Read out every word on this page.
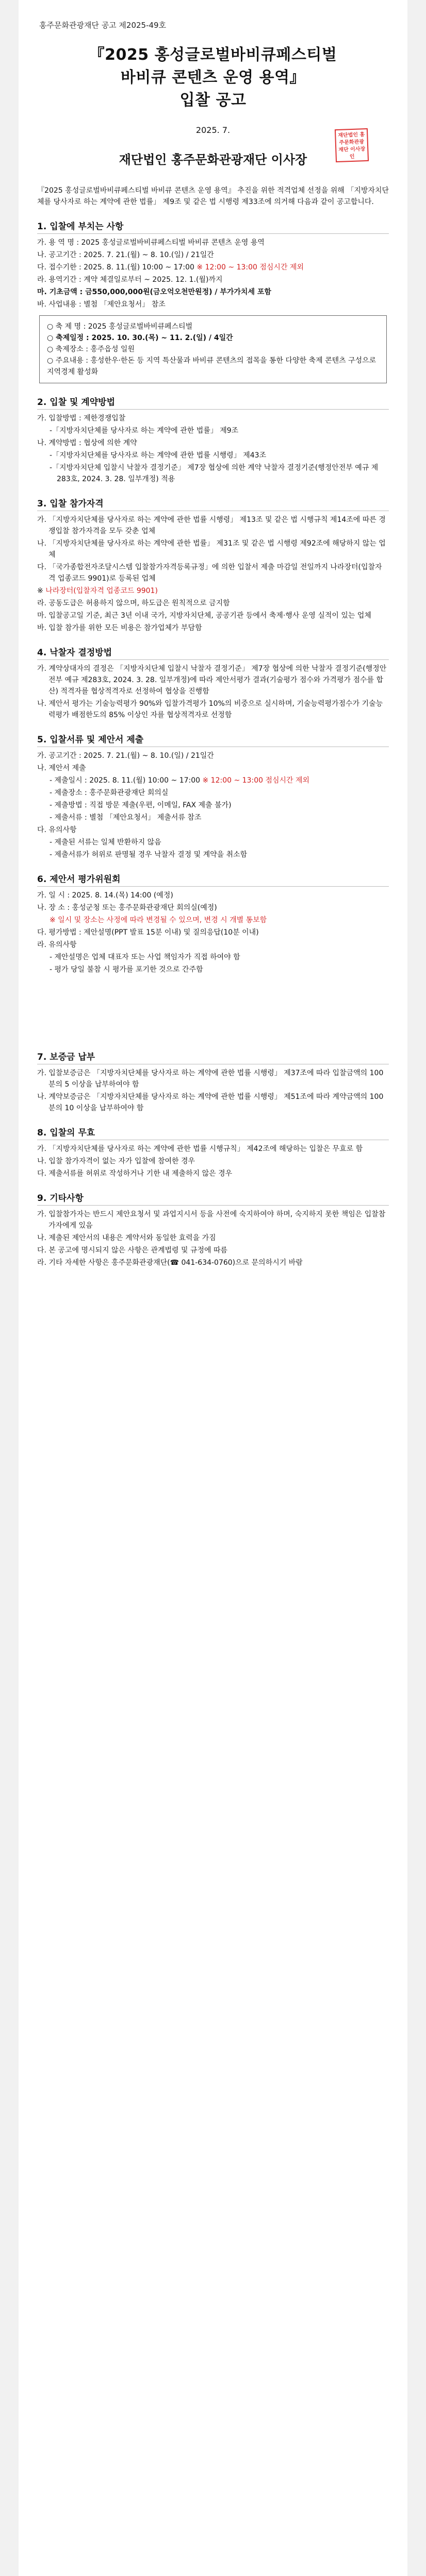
홍주문화관광재단 공고 제2025-49호
『2025 홍성글로벌바비큐페스티벌
바비큐 콘텐츠 운영 용역』
입찰 공고
2025. 7.
재단법인 홍주문화관광재단 이사장
재단법인 홍주문화관광재단 이사장인
『2025 홍성글로벌바비큐페스티벌 바비큐 콘텐츠 운영 용역』 추진을 위한 적격업체 선정을 위해 「지방자치단체를 당사자로 하는 계약에 관한 법률」 제9조 및 같은 법 시행령 제33조에 의거해 다음과 같이 공고합니다.
1. 입찰에 부치는 사항
가. 용 역 명 : 2025 홍성글로벌바비큐페스티벌 바비큐 콘텐츠 운영 용역
나. 공고기간 : 2025. 7. 21.(월) ~ 8. 10.(일) / 21일간
다. 접수기한 : 2025. 8. 11.(월) 10:00 ~ 17:00 ※ 12:00 ~ 13:00 점심시간 제외
라. 용역기간 : 계약 체결일로부터 ~ 2025. 12. 1.(월)까지
마. 기초금액 : 금550,000,000원(금오억오천만원정) / 부가가치세 포함
바. 사업내용 : 별첨 「제안요청서」 참조
○ 축 제 명 : 2025 홍성글로벌바비큐페스티벌
○ 축제일정 : 2025. 10. 30.(목) ~ 11. 2.(일) / 4일간
○ 축제장소 : 홍주읍성 일원
○ 주요내용 : 홍성한우·한돈 등 지역 특산물과 바비큐 콘텐츠의 접목을 통한 다양한 축제 콘텐츠 구성으로 지역경제 활성화
2. 입찰 및 계약방법
가. 입찰방법 : 제한경쟁입찰
-「지방자치단체를 당사자로 하는 계약에 관한 법률」 제9조
나. 계약방법 : 협상에 의한 계약
-「지방자치단체를 당사자로 하는 계약에 관한 법률 시행령」 제43조
-「지방자치단체 입찰시 낙찰자 결정기준」 제7장 협상에 의한 계약 낙찰자 결정기준(행정안전부 예규 제283호, 2024. 3. 28. 일부개정) 적용
3. 입찰 참가자격
가. 「지방자치단체를 당사자로 하는 계약에 관한 법률 시행령」 제13조 및 같은 법 시행규칙 제14조에 따른 경쟁입찰 참가자격을 모두 갖춘 업체
나. 「지방자치단체를 당사자로 하는 계약에 관한 법률」 제31조 및 같은 법 시행령 제92조에 해당하지 않는 업체
다. 「국가종합전자조달시스템 입찰참가자격등록규정」에 의한 입찰서 제출 마감일 전일까지 나라장터(입찰자격 업종코드 9901)로 등록된 업체
※ 나라장터(입찰자격 업종코드 9901)
라. 공동도급은 허용하지 않으며, 하도급은 원칙적으로 금지함
마. 입찰공고일 기준, 최근 3년 이내 국가, 지방자치단체, 공공기관 등에서 축제·행사 운영 실적이 있는 업체
바. 입찰 참가를 위한 모든 비용은 참가업체가 부담함
4. 낙찰자 결정방법
가. 계약상대자의 결정은 「지방자치단체 입찰시 낙찰자 결정기준」 제7장 협상에 의한 낙찰자 결정기준(행정안전부 예규 제283호, 2024. 3. 28. 일부개정)에 따라 제안서평가 결과(기술평가 점수와 가격평가 점수를 합산) 적격자를 협상적격자로 선정하여 협상을 진행함
나. 제안서 평가는 기술능력평가 90%와 입찰가격평가 10%의 비중으로 실시하며, 기술능력평가점수가 기술능력평가 배점한도의 85% 이상인 자를 협상적격자로 선정함
5. 입찰서류 및 제안서 제출
가. 공고기간 : 2025. 7. 21.(월) ~ 8. 10.(일) / 21일간
나. 제안서 제출
- 제출일시 : 2025. 8. 11.(월) 10:00 ~ 17:00 ※ 12:00 ~ 13:00 점심시간 제외
- 제출장소 : 홍주문화관광재단 회의실
- 제출방법 : 직접 방문 제출(우편, 이메일, FAX 제출 불가)
- 제출서류 : 별첨 「제안요청서」 제출서류 참조
다. 유의사항
- 제출된 서류는 일체 반환하지 않음
- 제출서류가 허위로 판명될 경우 낙찰자 결정 및 계약을 취소함
6. 제안서 평가위원회
가. 일 시 : 2025. 8. 14.(목) 14:00 (예정)
나. 장 소 : 홍성군청 또는 홍주문화관광재단 회의실(예정)
※ 일시 및 장소는 사정에 따라 변경될 수 있으며, 변경 시 개별 통보함
다. 평가방법 : 제안설명(PPT 발표 15분 이내) 및 질의응답(10분 이내)
라. 유의사항
- 제안설명은 업체 대표자 또는 사업 책임자가 직접 하여야 함
- 평가 당일 불참 시 평가를 포기한 것으로 간주함
7. 보증금 납부
가. 입찰보증금은 「지방자치단체를 당사자로 하는 계약에 관한 법률 시행령」 제37조에 따라 입찰금액의 100분의 5 이상을 납부하여야 함
나. 계약보증금은 「지방자치단체를 당사자로 하는 계약에 관한 법률 시행령」 제51조에 따라 계약금액의 100분의 10 이상을 납부하여야 함
8. 입찰의 무효
가. 「지방자치단체를 당사자로 하는 계약에 관한 법률 시행규칙」 제42조에 해당하는 입찰은 무효로 함
나. 입찰 참가자격이 없는 자가 입찰에 참여한 경우
다. 제출서류를 허위로 작성하거나 기한 내 제출하지 않은 경우
9. 기타사항
가. 입찰참가자는 반드시 제안요청서 및 과업지시서 등을 사전에 숙지하여야 하며, 숙지하지 못한 책임은 입찰참가자에게 있음
나. 제출된 제안서의 내용은 계약서와 동일한 효력을 가짐
다. 본 공고에 명시되지 않은 사항은 관계법령 및 규정에 따름
라. 기타 자세한 사항은 홍주문화관광재단(☎ 041-634-0760)으로 문의하시기 바람
